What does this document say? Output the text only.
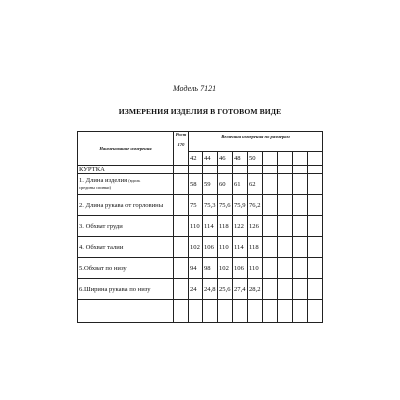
Модель 7121
ИЗМЕРЕНИЯ ИЗДЕЛИЯ В ГОТОВОМ ВИДЕ
Наименование измерения	Рост
170	Величина измерения по размерам								
		42	44	46	48	50				
КУРТКА										
1. Длина изделия (вдоль
средины спинки)		58	59	60	61	62				
2. Длина рукава от горловины		75	75,3	75,6	75,9	76,2				
3. Обхват груди		110	114	118	122	126				
4. Обхват талии		102	106	110	114	118				
5.Обхват по низу		94	98	102	106	110				
6.Ширина рукава по низу		24	24,8	25,6	27,4	28,2				
